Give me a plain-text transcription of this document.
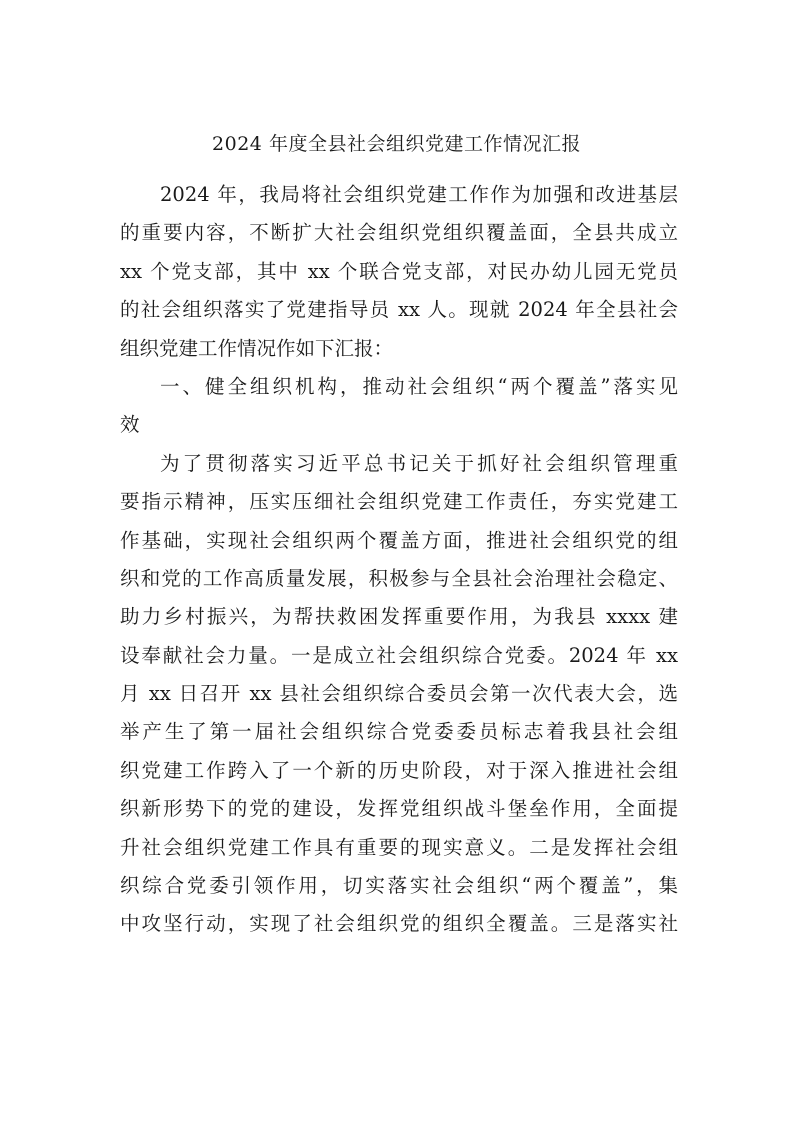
2024 年度全县社会组织党建工作情况汇报
2024 年，我局将社会组织党建工作作为加强和改进基层
的重要内容，不断扩大社会组织党组织覆盖面，全县共成立
xx 个党支部，其中 xx 个联合党支部，对民办幼儿园无党员
的社会组织落实了党建指导员 xx 人。现就 2024 年全县社会
组织党建工作情况作如下汇报：
一、健全组织机构，推动社会组织“两个覆盖”落实见
效
为了贯彻落实习近平总书记关于抓好社会组织管理重
要指示精神，压实压细社会组织党建工作责任，夯实党建工
作基础，实现社会组织两个覆盖方面，推进社会组织党的组
织和党的工作高质量发展，积极参与全县社会治理社会稳定、
助力乡村振兴，为帮扶救困发挥重要作用，为我县 xxxx 建
设奉献社会力量。一是成立社会组织综合党委。2024 年 xx
月 xx 日召开 xx 县社会组织综合委员会第一次代表大会，选
举产生了第一届社会组织综合党委委员标志着我县社会组
织党建工作跨入了一个新的历史阶段，对于深入推进社会组
织新形势下的党的建设，发挥党组织战斗堡垒作用，全面提
升社会组织党建工作具有重要的现实意义。二是发挥社会组
织综合党委引领作用，切实落实社会组织“两个覆盖”，集
中攻坚行动，实现了社会组织党的组织全覆盖。三是落实社
